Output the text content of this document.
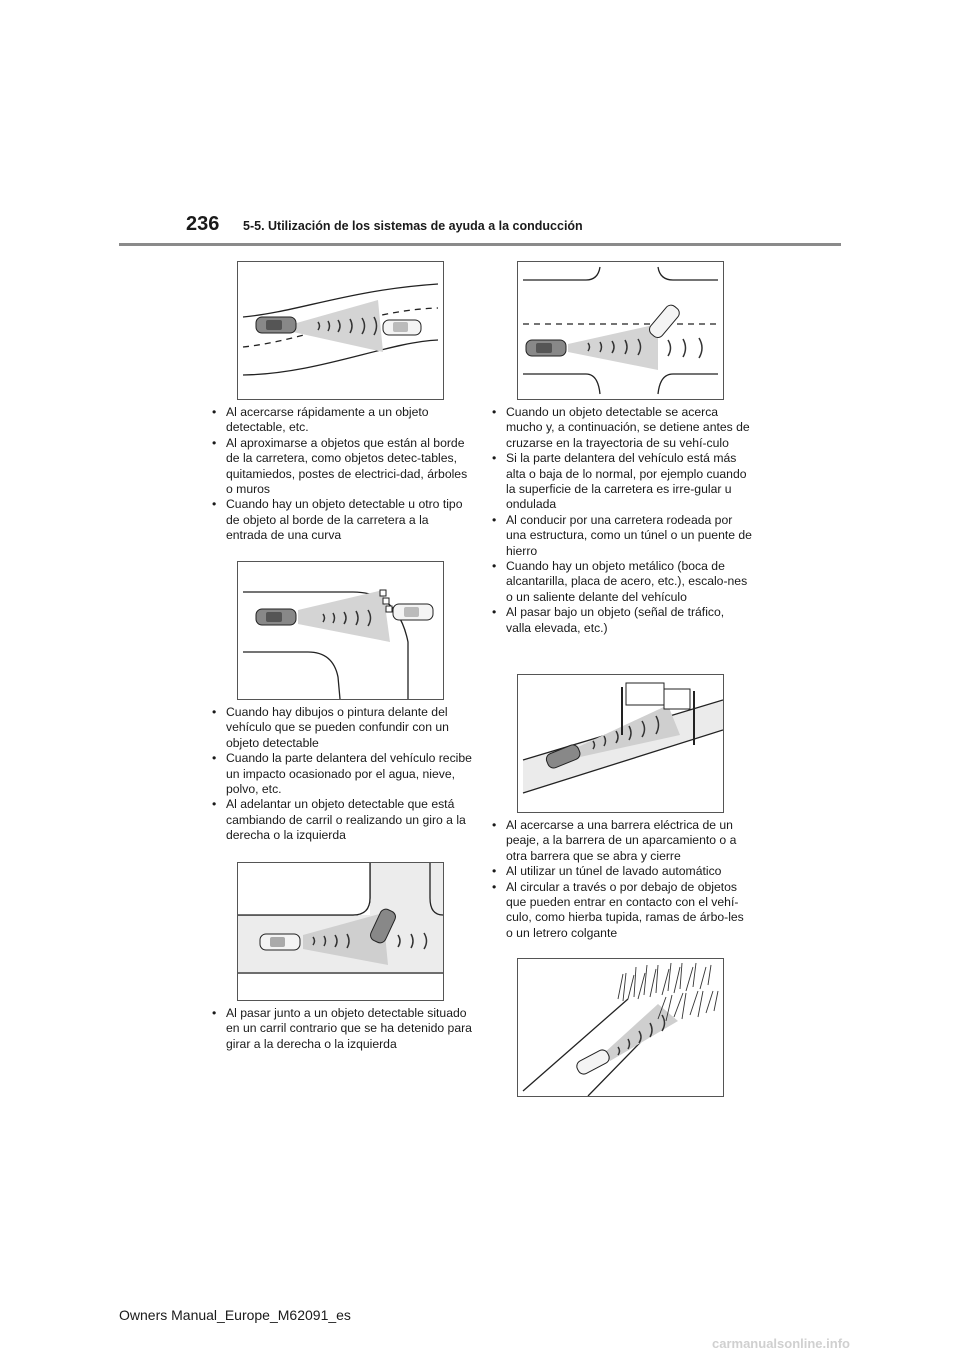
236 5-5. Utilización de los sistemas de ayuda a la conducción
• Al acercarse rápidamente a un objeto detectable, etc.
• Al aproximarse a objetos que están al borde de la carretera, como objetos detec-tables, quitamiedos, postes de electrici-dad, árboles o muros
• Cuando hay un objeto detectable u otro tipo de objeto al borde de la carretera a la entrada de una curva
• Cuando hay dibujos o pintura delante del vehículo que se pueden confundir con un objeto detectable
• Cuando la parte delantera del vehículo recibe un impacto ocasionado por el agua, nieve, polvo, etc.
• Al adelantar un objeto detectable que está cambiando de carril o realizando un giro a la derecha o la izquierda
• Al pasar junto a un objeto detectable situado en un carril contrario que se ha detenido para girar a la derecha o la izquierda
• Cuando un objeto detectable se acerca mucho y, a continuación, se detiene antes de cruzarse en la trayectoria de su vehí-culo
• Si la parte delantera del vehículo está más alta o baja de lo normal, por ejemplo cuando la superficie de la carretera es irre-gular u ondulada
• Al conducir por una carretera rodeada por una estructura, como un túnel o un puente de hierro
• Cuando hay un objeto metálico (boca de alcantarilla, placa de acero, etc.), escalo-nes o un saliente delante del vehículo
• Al pasar bajo un objeto (señal de tráfico, valla elevada, etc.)
• Al acercarse a una barrera eléctrica de un peaje, a la barrera de un aparcamiento o a otra barrera que se abra y cierre
• Al utilizar un túnel de lavado automático
• Al circular a través o por debajo de objetos que pueden entrar en contacto con el vehí-culo, como hierba tupida, ramas de árbo-les o un letrero colgante
Owners Manual_Europe_M62091_es
carmanualsonline.info
